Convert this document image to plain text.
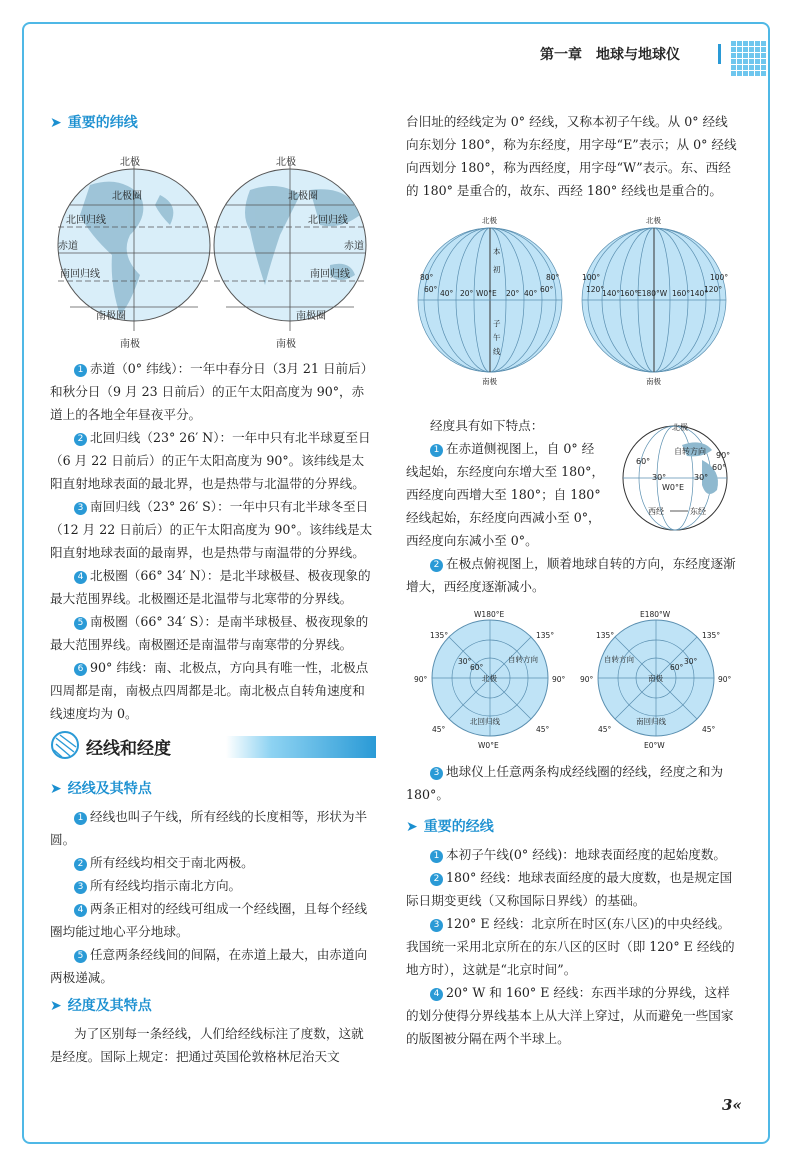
第一章　地球与地球仪

➤ 重要的纬线

北极	北极
北极圈	北极圈
北回归线	北回归线
赤道	赤道
南回归线	南回归线
南极圈	南极圈
南极	南极

1 赤道（0° 纬线）：一年中春分日（3月 21 日前后）和秋分日（9 月 23 日前后）的正午太阳高度为 90°，赤道上的各地全年昼夜平分。

2 北回归线（23° 26′ N）：一年中只有北半球夏至日（6 月 22 日前后）的正午太阳高度为 90°。该纬线是太阳直射地球表面的最北界，也是热带与北温带的分界线。

3 南回归线（23° 26′ S）：一年中只有北半球冬至日（12 月 22 日前后）的正午太阳高度为 90°。该纬线是太阳直射地球表面的最南界，也是热带与南温带的分界线。

4 北极圈（66° 34′ N）：是北半球极昼、极夜现象的最大范围界线。北极圈还是北温带与北寒带的分界线。

5 南极圈（66° 34′ S）：是南半球极昼、极夜现象的最大范围界线。南极圈还是南温带与南寒带的分界线。

6 90° 纬线：南、北极点，方向具有唯一性，北极点四周都是南，南极点四周都是北。南北极点自转角速度和线速度均为 0。

经线和经度

➤ 经线及其特点

1 经线也叫子午线，所有经线的长度相等，形状为半圆。

2 所有经线均相交于南北两极。

3 所有经线均指示南北方向。

4 两条正相对的经线可组成一个经线圈，且每个经线圈均能过地心平分地球。

5 任意两条经线间的间隔，在赤道上最大，由赤道向两极递减。

➤ 经度及其特点

为了区别每一条经线，人们给经线标注了度数，这就是经度。国际上规定：把通过英国伦敦格林尼治天文

台旧址的经线定为 0° 经线，又称本初子午线。从 0° 经线向东划分 180°，称为东经度，用字母“E”表示；从 0° 经线向西划分 180°，称为西经度，用字母“W”表示。东、西经的 180° 是重合的，故东、西经 180° 经线也是重合的。

北极	北极
南极	南极
本
初
子
午
线
80°
60° 40° 20° W0°E 20° 40° 60°
80°	100°
120°
140° 160°
E180°W 160° 140°
120°
100°

经度具有如下特点：

1 在赤道侧视图上，自 0° 经线起始，东经度向东增大至 180°，西经度向西增大至 180°；自 180° 经线起始，东经度向西减小至 0°，西经度向东减小至 0°。

北极
自转方向
60°
30°
W0°E
30°
60°
90°
西经	东经

2 在极点俯视图上，顺着地球自转的方向，东经度逐渐增大，西经度逐渐减小。

W180°E
W0°E
135°	135°
90°	90°
45°	45°
北极
60°
30°	自转方向
北回归线
E180°W
E0°W
135°	135°
90°	90°
45°	45°
南极
60°
30°
自转方向
南回归线

3 地球仪上任意两条构成经线圈的经线，经度之和为 180°。

➤ 重要的经线

1 本初子午线(0° 经线)：地球表面经度的起始度数。

2 180° 经线：地球表面经度的最大度数，也是规定国际日期变更线（又称国际日界线）的基础。

3 120° E 经线：北京所在时区(东八区)的中央经线。我国统一采用北京所在的东八区的区时（即 120° E 经线的地方时），这就是“北京时间”。

4 20° W 和 160° E 经线：东西半球的分界线，这样的划分使得分界线基本上从大洋上穿过，从而避免一些国家的版图被分隔在两个半球上。

3«
